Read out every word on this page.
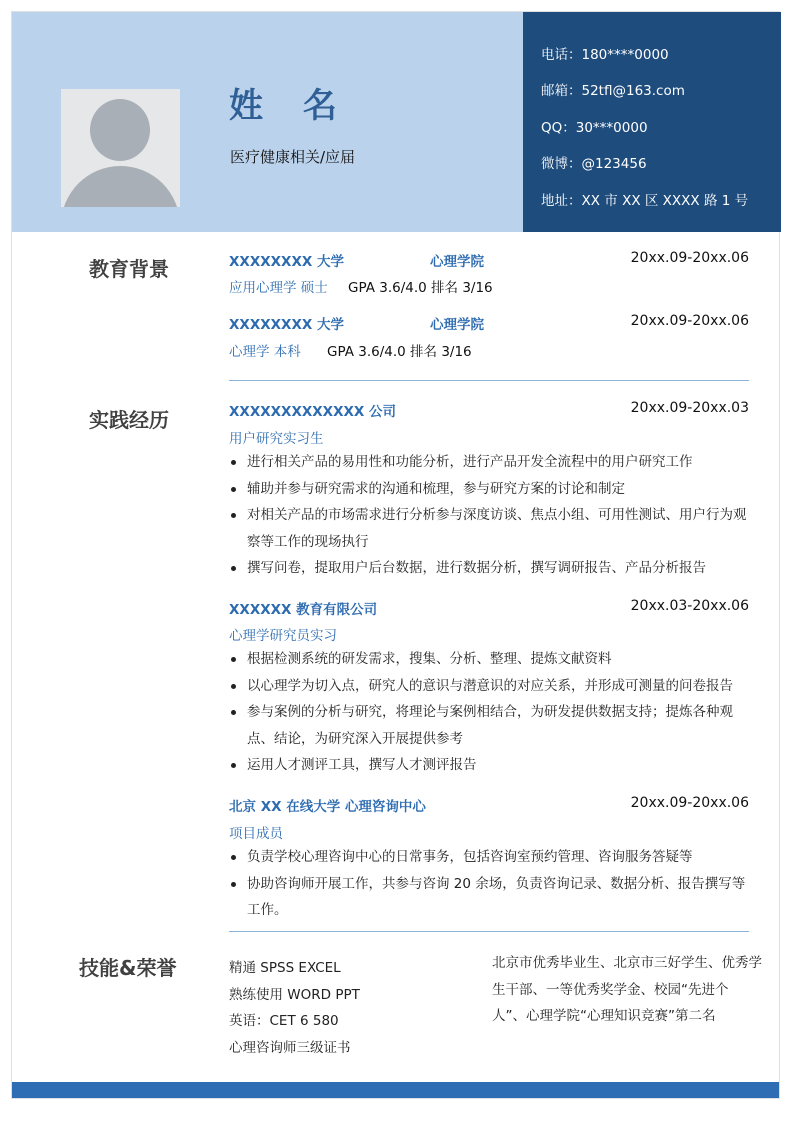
姓 名
医疗健康相关/应届
电话：180****0000
邮箱：52tfl@163.com
QQ：30***0000
微博：@123456
地址：XX 市 XX 区 XXXX 路 1 号
教育背景	XXXXXXXX 大学	心理学院	20xx.09-20xx.06
应用心理学 硕士 GPA 3.6/4.0 排名 3/16
XXXXXXXX 大学	心理学院	20xx.09-20xx.06
心理学 本科 GPA 3.6/4.0 排名 3/16
实践经历	XXXXXXXXXXXXX 公司	20xx.09-20xx.03
用户研究实习生
进行相关产品的易用性和功能分析，进行产品开发全流程中的用户研究工作
辅助并参与研究需求的沟通和梳理，参与研究方案的讨论和制定
对相关产品的市场需求进行分析参与深度访谈、焦点小组、可用性测试、用户行为观察等工作的现场执行
撰写问卷，提取用户后台数据，进行数据分析，撰写调研报告、产品分析报告
XXXXXX 教育有限公司	20xx.03-20xx.06
心理学研究员实习
根据检测系统的研发需求，搜集、分析、整理、提炼文献资料
以心理学为切入点，研究人的意识与潜意识的对应关系，并形成可测量的问卷报告
参与案例的分析与研究，将理论与案例相结合，为研发提供数据支持；提炼各种观点、结论，为研究深入开展提供参考
运用人才测评工具，撰写人才测评报告
北京 XX 在线大学 心理咨询中心	20xx.09-20xx.06
项目成员
负责学校心理咨询中心的日常事务，包括咨询室预约管理、咨询服务答疑等
协助咨询师开展工作，共参与咨询 20 余场，负责咨询记录、数据分析、报告撰写等工作。
技能&荣誉	精通 SPSS EXCEL
熟练使用 WORD PPT
英语：CET 6 580
心理咨询师三级证书
北京市优秀毕业生、北京市三好学生、优秀学生干部、一等优秀奖学金、校园“先进个人”、心理学院“心理知识竞赛”第二名
